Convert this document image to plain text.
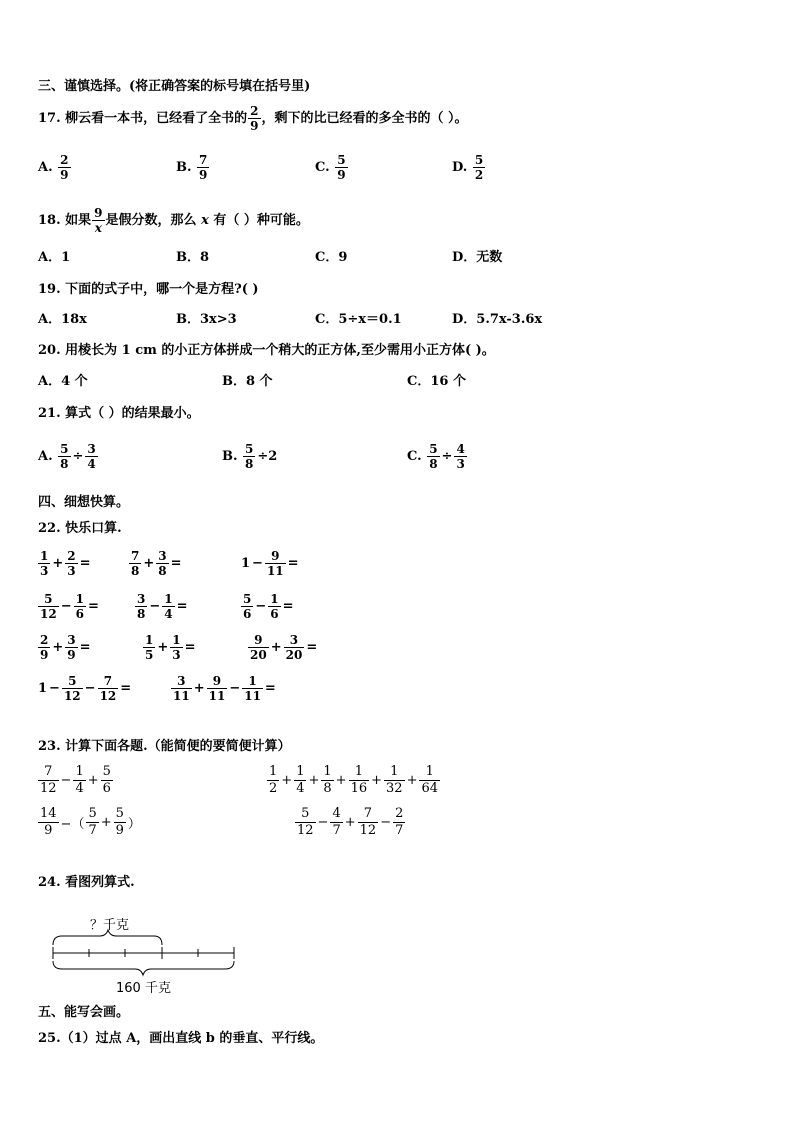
三、谨慎选择。(将正确答案的标号填在括号里)
17. 柳云看一本书，已经看了全书的 $\frac{2}{9}$ ，剩下的比已经看的多全书的（ ）。
A. $\frac{2}{9}$	B. $\frac{7}{9}$	C. $\frac{5}{9}$	D. $\frac{5}{2}$
18. 如果 $\frac{9}{x}$ 是假分数，那么 x 有（ ）种可能。
A．1	B．8	C．9	D．无数
19. 下面的式子中，哪一个是方程?( )
A．18x	B．3x>3	C．5÷x＝0.1	D．5.7x-3.6x
20. 用棱长为 1 cm 的小正方体拼成一个稍大的正方体,至少需用小正方体( )。
A．4 个	B．8 个	C．16 个
21. 算式（ ）的结果最小。
A. $\frac{5}{8} \div \frac{3}{4}$	B. $\frac{5}{8} \div 2$	C. $\frac{5}{8} \div \frac{4}{3}$
四、细想快算。
22. 快乐口算.
$\frac{1}{3} + \frac{2}{3}$ =	$\frac{7}{8} + \frac{3}{8}$ =	$1 - \frac{9}{11}$ =
$\frac{5}{12} - \frac{1}{6}$ =	$\frac{3}{8} - \frac{1}{4}$ =	$\frac{5}{6} - \frac{1}{6}$ =
$\frac{2}{9} + \frac{3}{9}$ =	$\frac{1}{5} + \frac{1}{3}$ =	$\frac{9}{20} + \frac{3}{20}$ =
$1 - \frac{5}{12} - \frac{7}{12}$ =	$\frac{3}{11} + \frac{9}{11} - \frac{1}{11}$ =
23. 计算下面各题.（能简便的要简便计算）
$\frac{7}{12} - \frac{1}{4} + \frac{5}{6}$	$\frac{1}{2} + \frac{1}{4} + \frac{1}{8} + \frac{1}{16} + \frac{1}{32} + \frac{1}{64}$
$\frac{14}{9}$ −（ $\frac{5}{7} + \frac{5}{9}$ ）	$\frac{5}{12} - \frac{4}{7} + \frac{7}{12} - \frac{2}{7}$
24. 看图列算式.
？千克
160 千克
五、能写会画。
25.（1）过点 A，画出直线 b 的垂直、平行线。
